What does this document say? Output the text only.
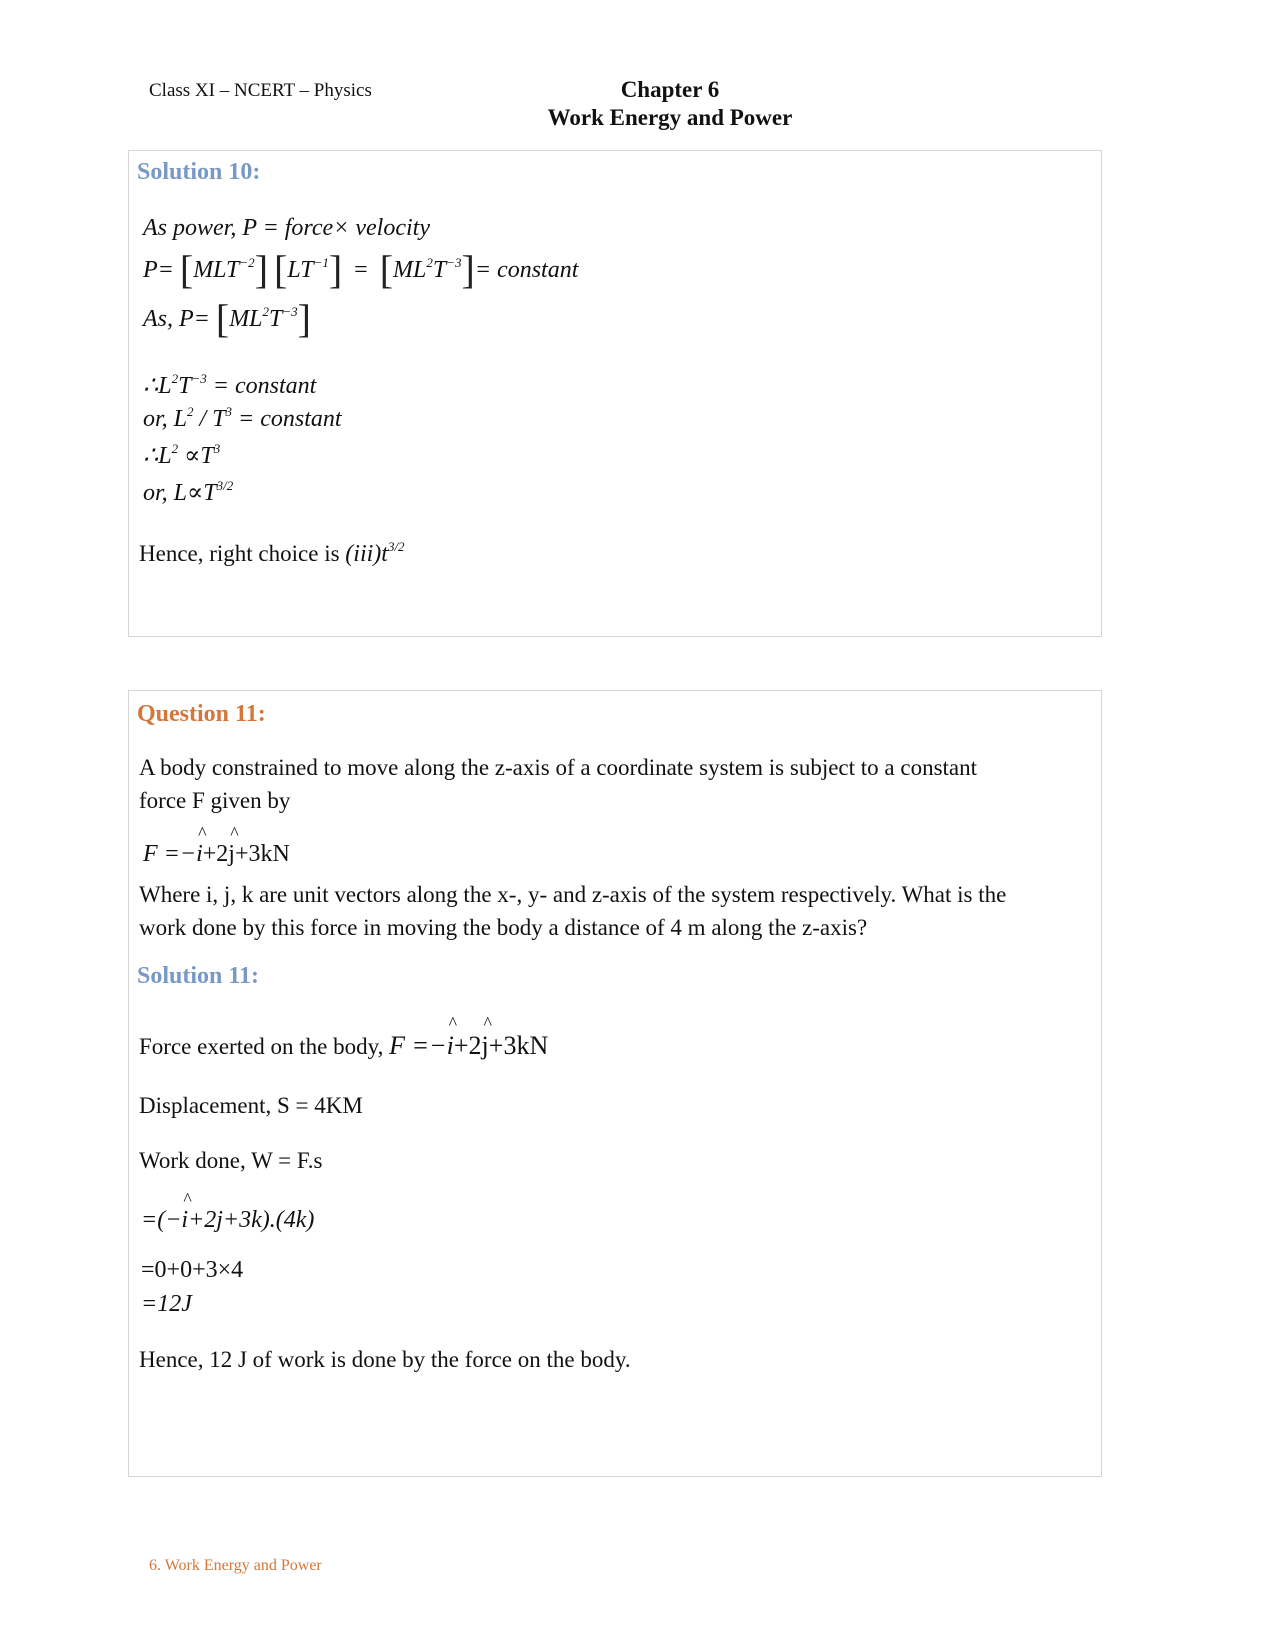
Class XI – NCERT – Physics	Chapter 6
Work Energy and Power
Solution 10:
As power, P = force× velocity
$P= [MLT^{-2}] [LT^{-1}] = [ML^2T^{-3}]=$ constant
As, $P= [ML^2T^{-3}]$
$\therefore L^2T^{-3}$ = constant
or, $L^2 / T^3$ = constant
$\therefore L^2 \propto T^3$
or, $L\propto T^{3/2}$
Hence, right choice is $(iii)t^{3/2}$
Question 11:
A body constrained to move along the z-axis of a coordinate system is subject to a constant
force F given by
F =−^ i+2^ j+3kN
Where i, j, k are unit vectors along the x-, y- and z-axis of the system respectively. What is the
work done by this force in moving the body a distance of 4 m along the z-axis?
Solution 11:
Force exerted on the body, F =−^ i+2^ j+3kN
Displacement, S = 4KM
Work done, W = F.s
=(−^ i+2j+3k).(4k)
=0+0+3×4
=12J
Hence, 12 J of work is done by the force on the body.
6. Work Energy and Power
